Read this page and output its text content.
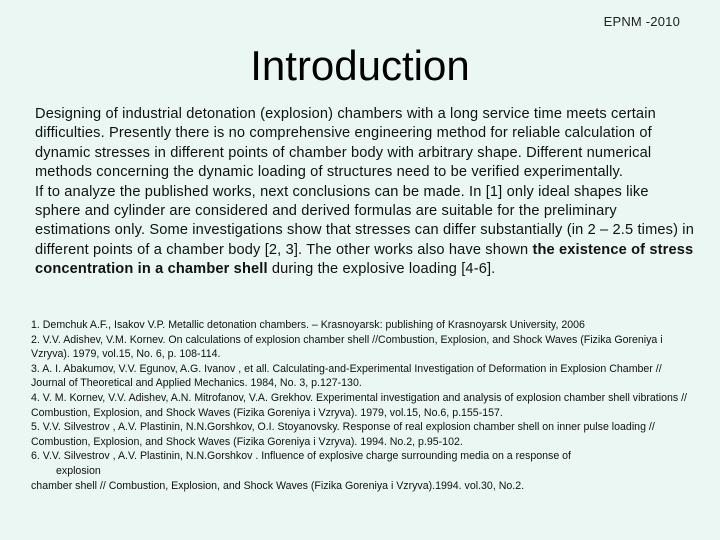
EPNM -2010
Introduction

Designing of industrial detonation (explosion) chambers with a long service time meets certain difficulties. Presently there is no comprehensive engineering method for reliable calculation of dynamic stresses in different points of chamber body with arbitrary shape. Different numerical methods concerning the dynamic loading of structures need to be verified experimentally.

If to analyze the published works, next conclusions can be made. In [1] only ideal shapes like sphere and cylinder are considered and derived formulas are suitable for the preliminary estimations only. Some investigations show that stresses can differ substantially (in 2 – 2.5 times) in different points of a chamber body [2, 3]. The other works also have shown the existence of stress concentration in a chamber shell during the explosive loading [4-6].

1. Demchuk A.F., Isakov V.P. Metallic detonation chambers. – Krasnoyarsk: publishing of Krasnoyarsk University, 2006

2. V.V. Adishev, V.M. Kornev. On calculations of explosion chamber shell //Combustion, Explosion, and Shock Waves (Fizika Goreniya i Vzryva). 1979, vol.15, No. 6, p. 108-114.

3. A. I. Abakumov, V.V. Egunov, A.G. Ivanov , et all. Calculating-and-Experimental Investigation of Deformation in Explosion Chamber // Journal of Theoretical and Applied Mechanics. 1984, No. 3, p.127-130.

4. V. M. Kornev, V.V. Adishev, A.N. Mitrofanov, V.A. Grekhov. Experimental investigation and analysis of explosion chamber shell vibrations // Combustion, Explosion, and Shock Waves (Fizika Goreniya i Vzryva). 1979, vol.15, No.6, p.155-157.

5. V.V. Silvestrov , A.V. Plastinin, N.N.Gorshkov, O.I. Stoyanovsky. Response of real explosion chamber shell on inner pulse loading // Combustion, Explosion, and Shock Waves (Fizika Goreniya i Vzryva). 1994. No.2, p.95-102.

6. V.V. Silvestrov , A.V. Plastinin, N.N.Gorshkov . Influence of explosive charge surrounding media on a response of

explosion

chamber shell // Combustion, Explosion, and Shock Waves (Fizika Goreniya i Vzryva).1994. vol.30, No.2.
